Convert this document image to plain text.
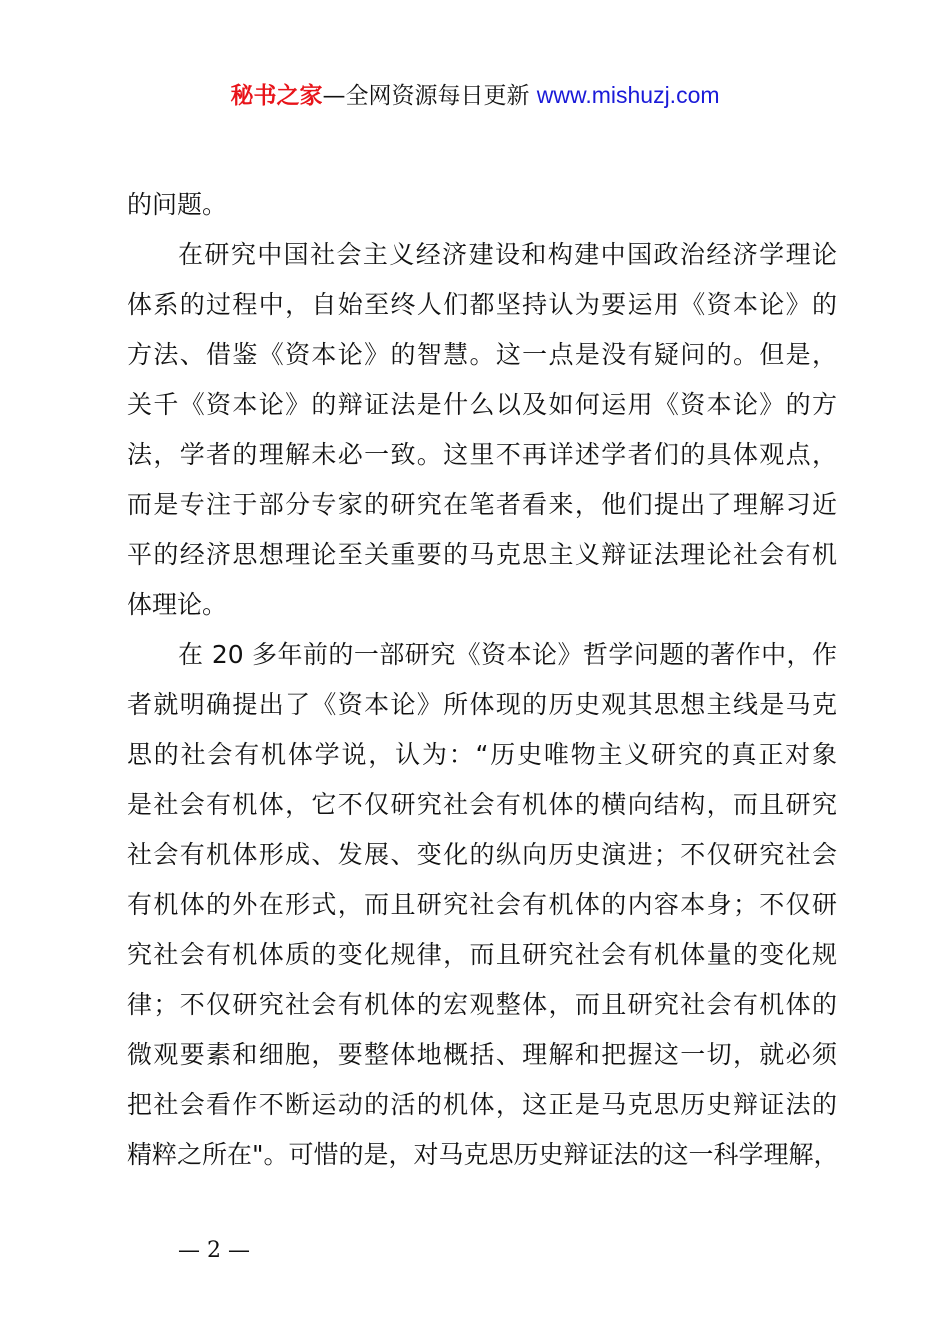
秘书之家—全网资源每日更新 www.mishuzj.com
的问题。
在研究中国社会主义经济建设和构建中国政治经济学理论
体系的过程中，自始至终人们都坚持认为要运用《资本论》的
方法、借鉴《资本论》的智慧。这一点是没有疑问的。但是，
关千《资本论》的辩证法是什么以及如何运用《资本论》的方
法，学者的理解未必一致。这里不再详述学者们的具体观点，
而是专注于部分专家的研究在笔者看来，他们提出了理解习近
平的经济思想理论至关重要的马克思主义辩证法理论社会有机
体理论。
在 20 多年前的一部研究《资本论》哲学问题的著作中，作
者就明确提出了《资本论》所体现的历史观其思想主线是马克
思的社会有机体学说，认为：“历史唯物主义研究的真正对象
是社会有机体，它不仅研究社会有机体的横向结构，而且研究
社会有机体形成、发展、变化的纵向历史演进；不仅研究社会
有机体的外在形式，而且研究社会有机体的内容本身；不仅研
究社会有机体质的变化规律，而且研究社会有机体量的变化规
律；不仅研究社会有机体的宏观整体，而且研究社会有机体的
微观要素和细胞，要整体地概括、理解和把握这一切，就必须
把社会看作不断运动的活的机体，这正是马克思历史辩证法的
精粹之所在"。可惜的是，对马克思历史辩证法的这一科学理解，
— 2 —
